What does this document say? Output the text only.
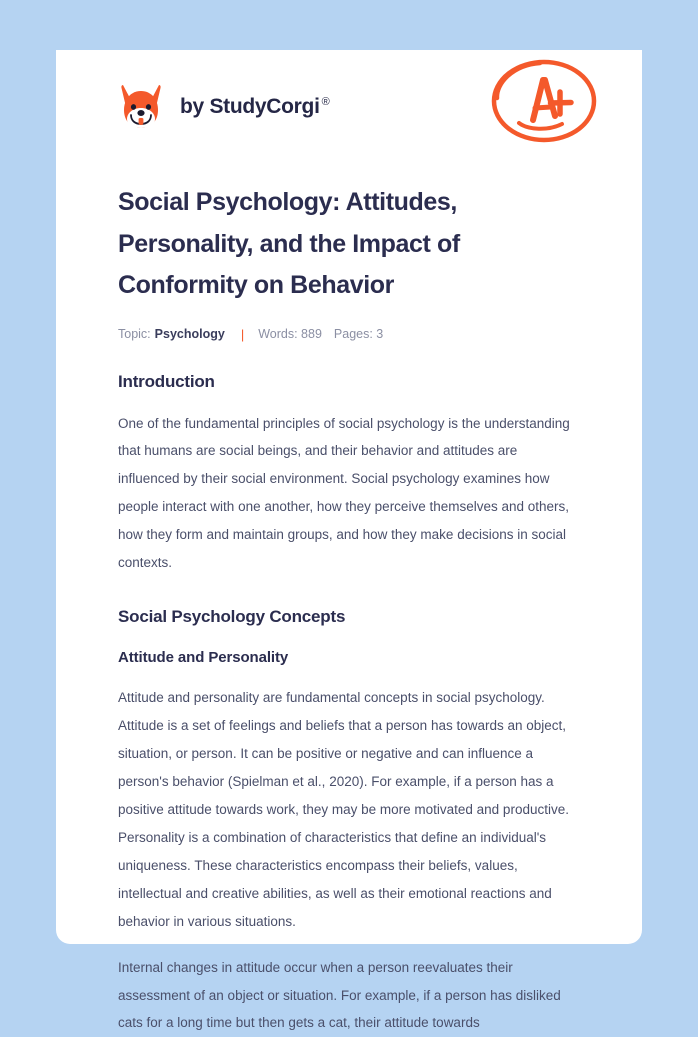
by StudyCorgi ®
Social Psychology: Attitudes, Personality, and the Impact of Conformity on Behavior
Topic: Psychology | Words: 889 Pages: 3
Introduction

One of the fundamental principles of social psychology is the understanding that humans are social beings, and their behavior and attitudes are influenced by their social environment. Social psychology examines how people interact with one another, how they perceive themselves and others, how they form and maintain groups, and how they make decisions in social contexts.

Social Psychology Concepts
Attitude and Personality

Attitude and personality are fundamental concepts in social psychology. Attitude is a set of feelings and beliefs that a person has towards an object, situation, or person. It can be positive or negative and can influence a person's behavior (Spielman et al., 2020). For example, if a person has a positive attitude towards work, they may be more motivated and productive. Personality is a combination of characteristics that define an individual's uniqueness. These characteristics encompass their beliefs, values, intellectual and creative abilities, as well as their emotional reactions and behavior in various situations.

Internal changes in attitude occur when a person reevaluates their assessment of an object or situation. For example, if a person has disliked cats for a long time but then gets a cat, their attitude towards
